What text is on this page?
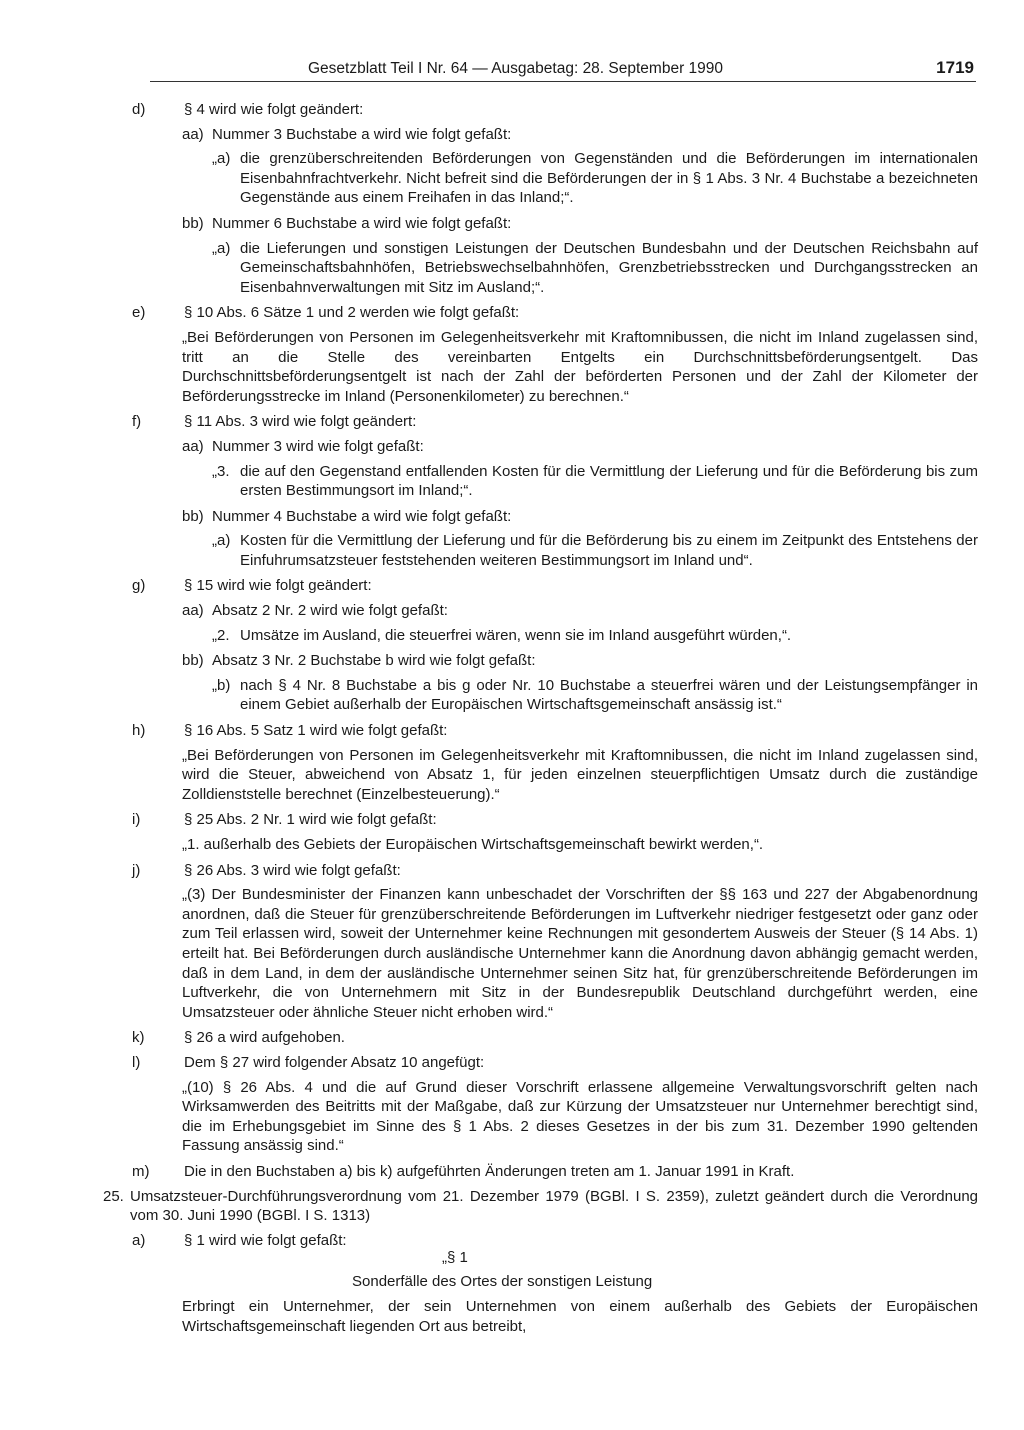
Gesetzblatt Teil I Nr. 64 — Ausgabetag: 28. September 1990	1719
d)	§ 4 wird wie folgt geändert:
aa) Nummer 3 Buchstabe a wird wie folgt gefaßt:
„a) die grenzüberschreitenden Beförderungen von Gegenständen und die Beförderungen im internationalen Eisenbahnfrachtverkehr. Nicht befreit sind die Beförderungen der in § 1 Abs. 3 Nr. 4 Buchstabe a bezeichneten Gegenstände aus einem Freihafen in das Inland;“.
bb) Nummer 6 Buchstabe a wird wie folgt gefaßt:
„a) die Lieferungen und sonstigen Leistungen der Deutschen Bundesbahn und der Deutschen Reichsbahn auf Gemeinschaftsbahnhöfen, Betriebswechselbahnhöfen, Grenzbetriebsstrecken und Durchgangsstrecken an Eisenbahnverwaltungen mit Sitz im Ausland;“.
e)	§ 10 Abs. 6 Sätze 1 und 2 werden wie folgt gefaßt:
„Bei Beförderungen von Personen im Gelegenheitsverkehr mit Kraftomnibussen, die nicht im Inland zugelassen sind, tritt an die Stelle des vereinbarten Entgelts ein Durchschnittsbeförderungsentgelt. Das Durchschnittsbeförderungsentgelt ist nach der Zahl der beförderten Personen und der Zahl der Kilometer der Beförderungsstrecke im Inland (Personenkilometer) zu berechnen.“
f)	§ 11 Abs. 3 wird wie folgt geändert:
aa) Nummer 3 wird wie folgt gefaßt:
„3. die auf den Gegenstand entfallenden Kosten für die Vermittlung der Lieferung und für die Beförderung bis zum ersten Bestimmungsort im Inland;“.
bb) Nummer 4 Buchstabe a wird wie folgt gefaßt:
„a) Kosten für die Vermittlung der Lieferung und für die Beförderung bis zu einem im Zeitpunkt des Entstehens der Einfuhrumsatzsteuer feststehenden weiteren Bestimmungsort im Inland und“.
g)	§ 15 wird wie folgt geändert:
aa) Absatz 2 Nr. 2 wird wie folgt gefaßt:
„2. Umsätze im Ausland, die steuerfrei wären, wenn sie im Inland ausgeführt würden,“.
bb) Absatz 3 Nr. 2 Buchstabe b wird wie folgt gefaßt:
„b) nach § 4 Nr. 8 Buchstabe a bis g oder Nr. 10 Buchstabe a steuerfrei wären und der Leistungsempfänger in einem Gebiet außerhalb der Europäischen Wirtschaftsgemeinschaft ansässig ist.“
h)	§ 16 Abs. 5 Satz 1 wird wie folgt gefaßt:
„Bei Beförderungen von Personen im Gelegenheitsverkehr mit Kraftomnibussen, die nicht im Inland zugelassen sind, wird die Steuer, abweichend von Absatz 1, für jeden einzelnen steuerpflichtigen Umsatz durch die zuständige Zolldienststelle berechnet (Einzelbesteuerung).“
i)	§ 25 Abs. 2 Nr. 1 wird wie folgt gefaßt:
„1. außerhalb des Gebiets der Europäischen Wirtschaftsgemeinschaft bewirkt werden,“.
j)	§ 26 Abs. 3 wird wie folgt gefaßt:
„(3) Der Bundesminister der Finanzen kann unbeschadet der Vorschriften der §§ 163 und 227 der Abgabenordnung anordnen, daß die Steuer für grenzüberschreitende Beförderungen im Luftverkehr niedriger festgesetzt oder ganz oder zum Teil erlassen wird, soweit der Unternehmer keine Rechnungen mit gesondertem Ausweis der Steuer (§ 14 Abs. 1) erteilt hat. Bei Beförderungen durch ausländische Unternehmer kann die Anordnung davon abhängig gemacht werden, daß in dem Land, in dem der ausländische Unternehmer seinen Sitz hat, für grenzüberschreitende Beförderungen im Luftverkehr, die von Unternehmern mit Sitz in der Bundesrepublik Deutschland durchgeführt werden, eine Umsatzsteuer oder ähnliche Steuer nicht erhoben wird.“
k)	§ 26 a wird aufgehoben.
l)	Dem § 27 wird folgender Absatz 10 angefügt:
„(10) § 26 Abs. 4 und die auf Grund dieser Vorschrift erlassene allgemeine Verwaltungsvorschrift gelten nach Wirksamwerden des Beitritts mit der Maßgabe, daß zur Kürzung der Umsatzsteuer nur Unternehmer berechtigt sind, die im Erhebungsgebiet im Sinne des § 1 Abs. 2 dieses Gesetzes in der bis zum 31. Dezember 1990 geltenden Fassung ansässig sind.“
m)	Die in den Buchstaben a) bis k) aufgeführten Änderungen treten am 1. Januar 1991 in Kraft.
25. Umsatzsteuer-Durchführungsverordnung vom 21. Dezember 1979 (BGBl. I S. 2359), zuletzt geändert durch die Verordnung vom 30. Juni 1990 (BGBl. I S. 1313)
a)	§ 1 wird wie folgt gefaßt:
„§ 1
Sonderfälle des Ortes der sonstigen Leistung
Erbringt ein Unternehmer, der sein Unternehmen von einem außerhalb des Gebiets der Europäischen Wirtschaftsgemeinschaft liegenden Ort aus betreibt,
